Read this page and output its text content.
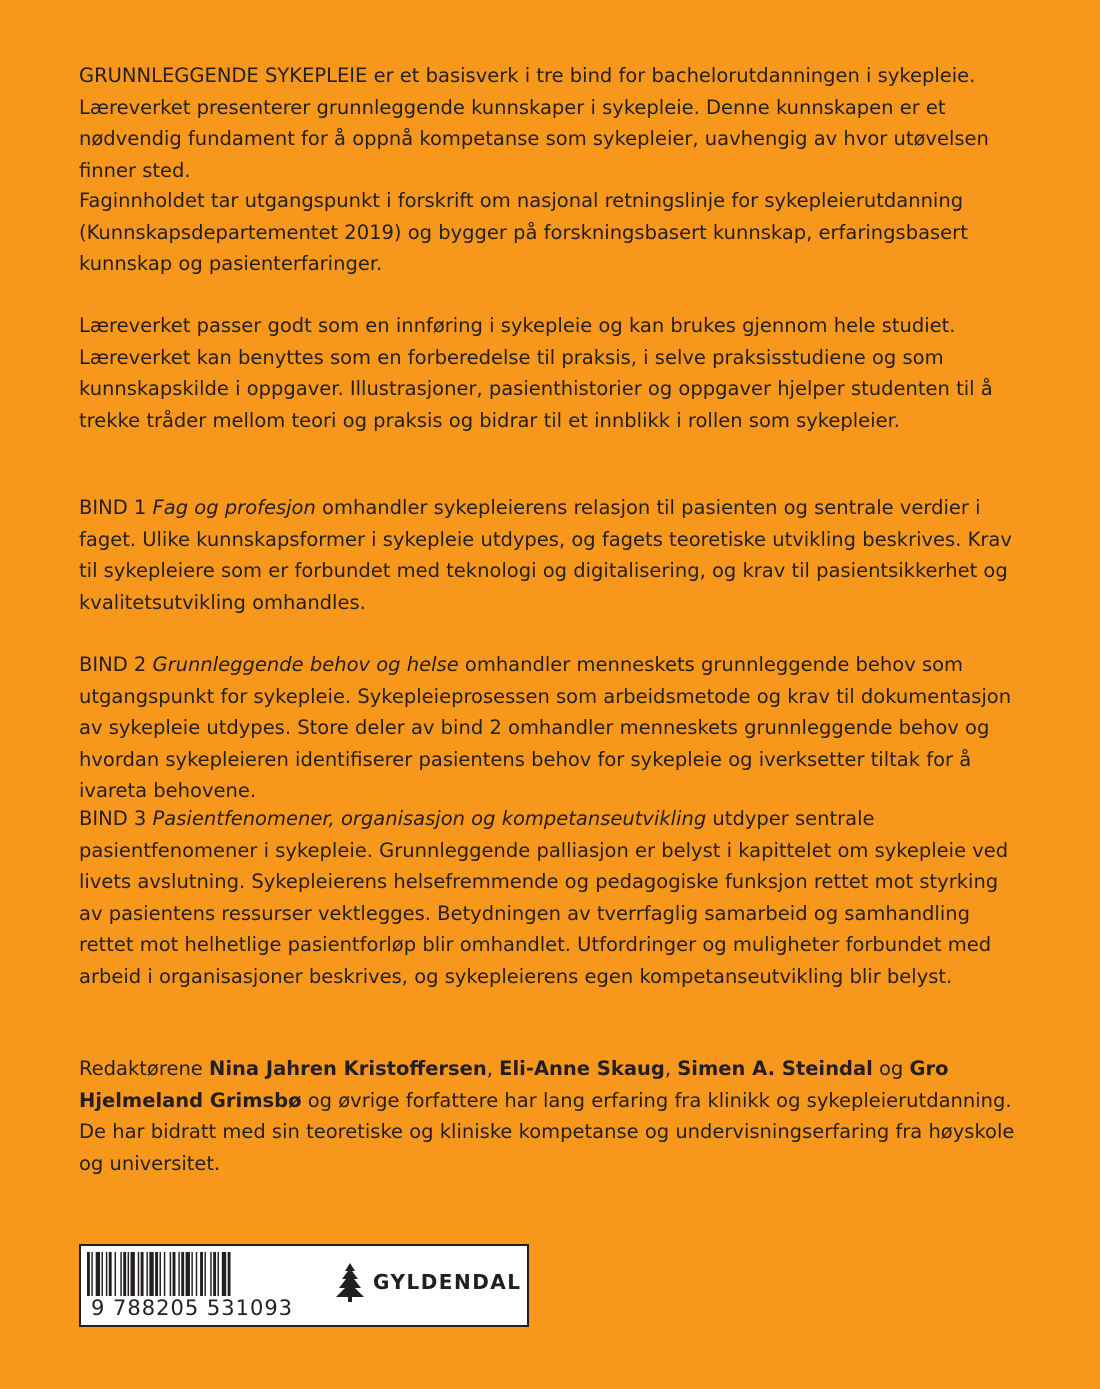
GRUNNLEGGENDE SYKEPLEIE er et basisverk i tre bind for bachelorutdanningen i sykepleie. Læreverket presenterer grunnleggende kunnskaper i sykepleie. Denne kunnskapen er et nødvendig fundament for å oppnå kompetanse som sykepleier, uavhengig av hvor utøvelsen finner sted.

Faginnholdet tar utgangspunkt i forskrift om nasjonal retningslinje for sykepleierutdanning (Kunnskapsdepartementet 2019) og bygger på forskningsbasert kunnskap, erfaringsbasert kunnskap og pasienterfaringer.

Læreverket passer godt som en innføring i sykepleie og kan brukes gjennom hele studiet. Læreverket kan benyttes som en forberedelse til praksis, i selve praksisstudiene og som kunnskapskilde i oppgaver. Illustrasjoner, pasienthistorier og oppgaver hjelper studenten til å trekke tråder mellom teori og praksis og bidrar til et innblikk i rollen som sykepleier.

BIND 1 Fag og profesjon omhandler sykepleierens relasjon til pasienten og sentrale verdier i faget. Ulike kunnskapsformer i sykepleie utdypes, og fagets teoretiske utvikling beskrives. Krav til sykepleiere som er forbundet med teknologi og digitalisering, og krav til pasientsikkerhet og kvalitetsutvikling omhandles.

BIND 2 Grunnleggende behov og helse omhandler menneskets grunnleggende behov som utgangspunkt for sykepleie. Sykepleieprosessen som arbeidsmetode og krav til dokumentasjon av sykepleie utdypes. Store deler av bind 2 omhandler menneskets grunnleggende behov og hvordan sykepleieren identifiserer pasientens behov for sykepleie og iverksetter tiltak for å ivareta behovene.

BIND 3 Pasientfenomener, organisasjon og kompetanseutvikling utdyper sentrale pasientfenomener i sykepleie. Grunnleggende palliasjon er belyst i kapittelet om sykepleie ved livets avslutning. Sykepleierens helsefremmende og pedagogiske funksjon rettet mot styrking av pasientens ressurser vektlegges. Betydningen av tverrfaglig samarbeid og samhandling rettet mot helhetlige pasientforløp blir omhandlet. Utfordringer og muligheter forbundet med arbeid i organisasjoner beskrives, og sykepleierens egen kompetanseutvikling blir belyst.

Redaktørene Nina Jahren Kristoffersen, Eli-Anne Skaug, Simen A. Steindal og Gro Hjelmeland Grimsbø og øvrige forfattere har lang erfaring fra klinikk og sykepleierutdanning. De har bidratt med sin teoretiske og kliniske kompetanse og undervisningserfaring fra høyskole og universitet.

9 788205 531093
GYLDENDAL
